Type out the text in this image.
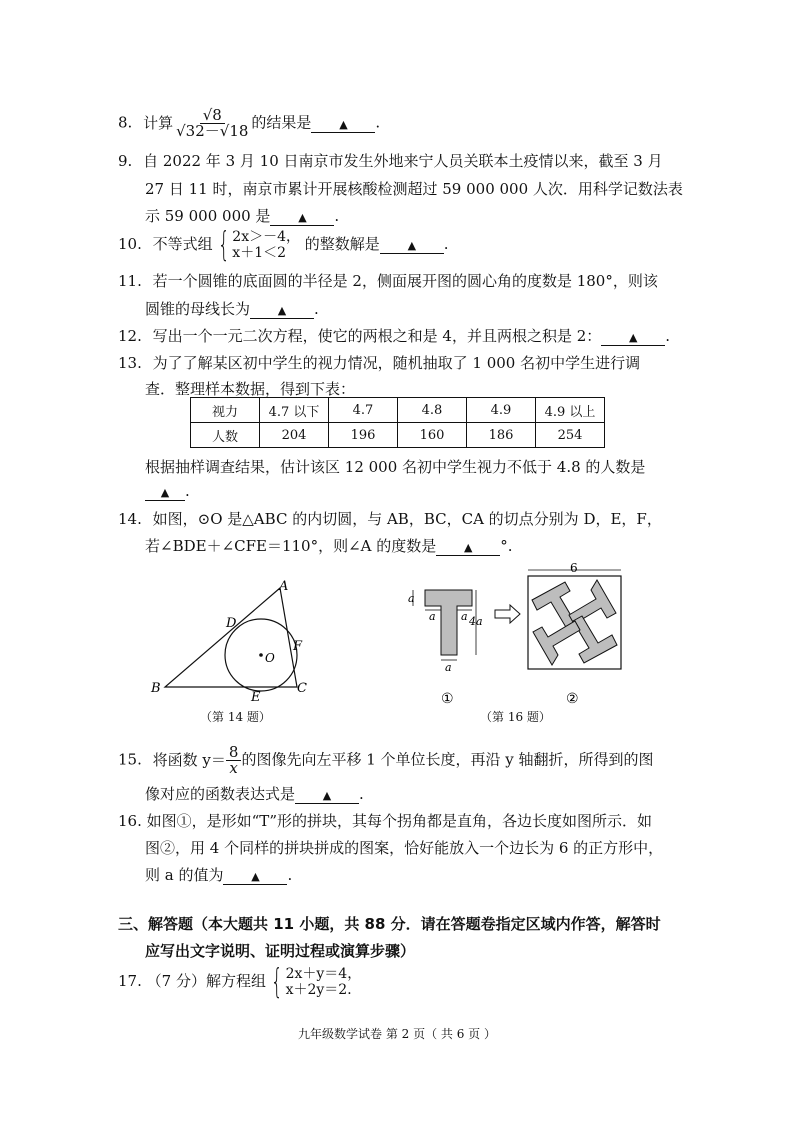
8. 计算 $\frac{√8}{√32-√18}$ 的结果是	▲ .
9. 自 2022 年 3 月 10 日南京市发生外地来宁人员关联本土疫情以来，截至 3 月
27 日 11 时，南京市累计开展核酸检测超过 59 000 000 人次．用科学记数法表
示 59 000 000 是	▲ .
10. 不等式组 { 2x＞－4，
x＋1＜2 的整数解是	▲ .
11. 若一个圆锥的底面圆的半径是 2，侧面展开图的圆心角的度数是 180°，则该
圆锥的母线长为	▲ .
12. 写出一个一元二次方程，使它的两根之和是 4，并且两根之积是 2：	▲ .
13. 为了了解某区初中学生的视力情况，随机抽取了 1 000 名初中学生进行调
查．整理样本数据，得到下表：
视力	4.7 以下	4.7	4.8	4.9	4.9 以上
人数	204	196	160	186	254
根据抽样调查结果，估计该区 12 000 名初中学生视力不低于 4.8 的人数是
▲ .
14. 如图，⊙O 是△ABC 的内切圆，与 AB，BC，CA 的切点分别为 D，E，F，
若∠BDE＋∠CFE＝110°，则∠A 的度数是	▲ °.
A
B	C
D
E
F
O
（第 14 题）
a
a a 4a
a
6
①	②
（第 16 题）
15. 将函数 $y= \frac{8}{x}$ 的图像先向左平移 1 个单位长度，再沿 y 轴翻折，所得到的图
像对应的函数表达式是	▲ .
16. 如图①，是形如“T”形的拼块，其每个拐角都是直角，各边长度如图所示．如
图②，用 4 个同样的拼块拼成的图案，恰好能放入一个边长为 6 的正方形中，
则 a 的值为	▲ .
三、解答题（本大题共 11 小题，共 88 分．请在答题卷指定区域内作答，解答时
应写出文字说明、证明过程或演算步骤）
17. （7 分）解方程组 { 2x＋y＝4，
x＋2y＝2．
九年级数学试卷 第 2 页（ 共 6 页 ）
